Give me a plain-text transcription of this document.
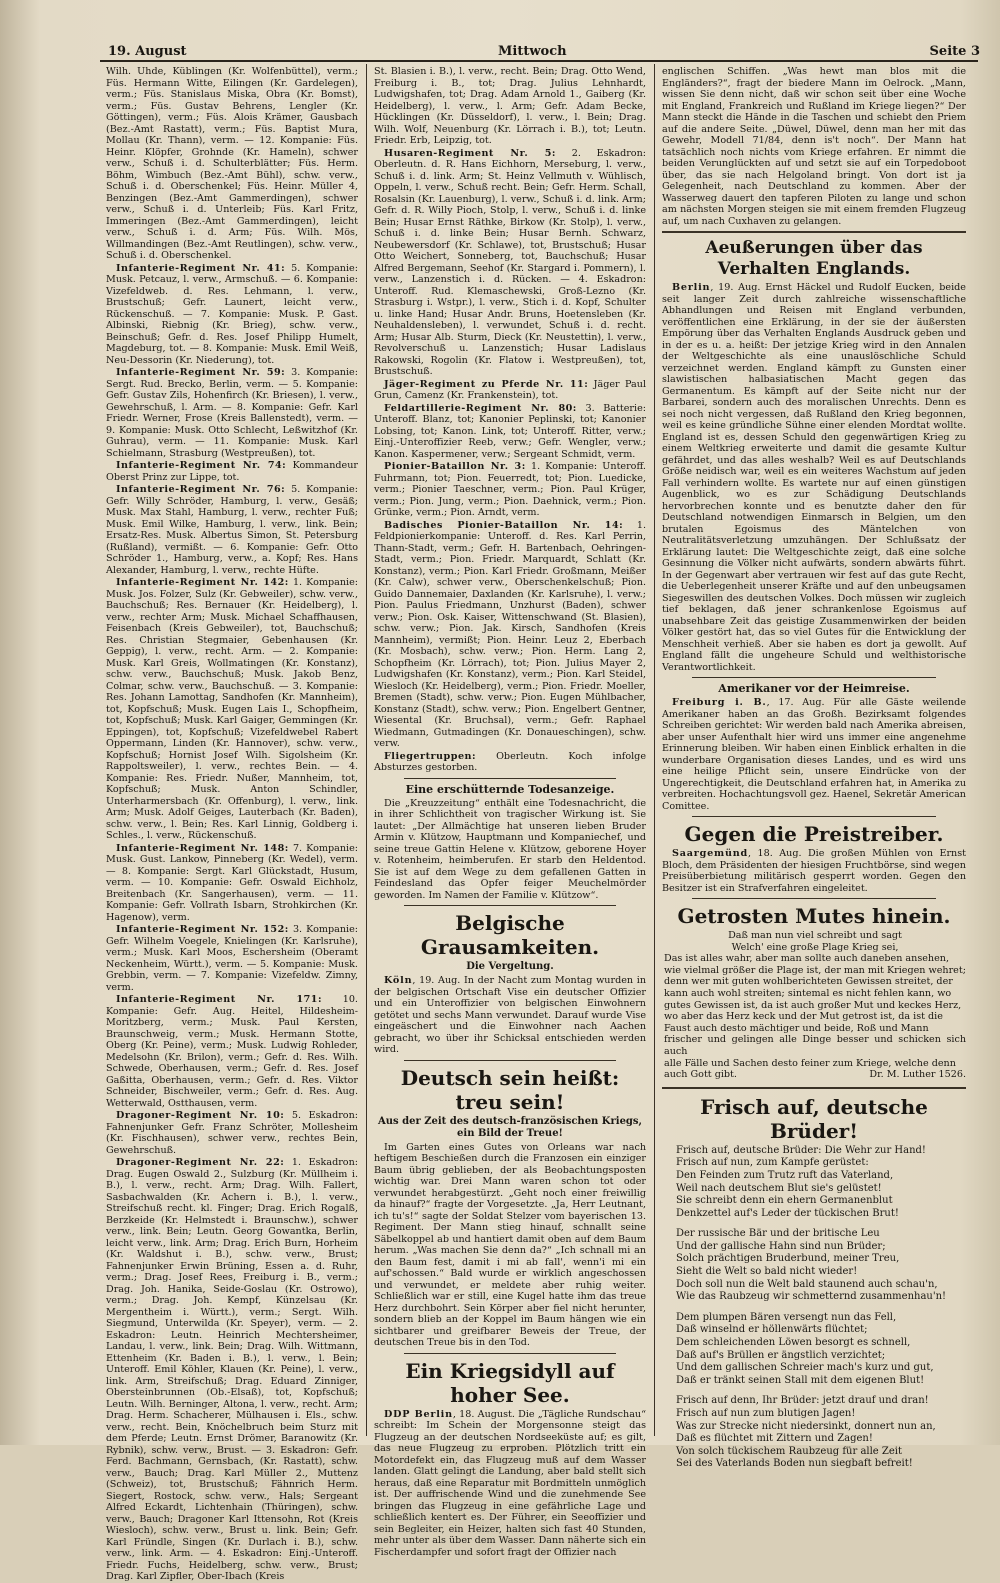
19. August	Mittwoch	Seite 3

Wilh. Uhde, Küblingen (Kr. Wolfenbüttel), verm.; Füs. Hermann Witte, Eilingen (Kr. Gardelegen), verm.; Füs. Stanislaus Miska, Obra (Kr. Bomst), verm.; Füs. Gustav Behrens, Lengler (Kr. Göttingen), verm.; Füs. Alois Krämer, Gausbach (Bez.-Amt Rastatt), verm.; Füs. Baptist Mura, Mollau (Kr. Thann), verm. — 12. Kompanie: Füs. Heinr. Klöpfer, Grohnde (Kr. Hameln), schwer verw., Schuß i. d. Schulterblätter; Füs. Herm. Böhm, Wimbuch (Bez.-Amt Bühl), schw. verw., Schuß i. d. Oberschenkel; Füs. Heinr. Müller 4, Benzingen (Bez.-Amt Gammerdingen), schwer verw., Schuß i. d. Unterleib; Füs. Karl Fritz, Immeringen (Bez.-Amt Gammerdingen), leicht verw., Schuß i. d. Arm; Füs. Wilh. Mös, Willmandingen (Bez.-Amt Reutlingen), schw. verw., Schuß i. d. Oberschenkel.

Infanterie-Regiment Nr. 41: 5. Kompanie: Musk. Petcauz, l. verw., Armschuß. — 6. Kompanie: Vizefeldweb. d. Res. Lehmann, l. verw., Brustschuß; Gefr. Launert, leicht verw., Rückenschuß. — 7. Kompanie: Musk. P. Gast. Albinski, Riebnig (Kr. Brieg), schw. verw., Beinschuß; Gefr. d. Res. Josef Philipp Humelt, Magdeburg, tot. — 8. Kompanie: Musk. Emil Weiß, Neu-Dessorin (Kr. Niederung), tot.

Infanterie-Regiment Nr. 59: 3. Kompanie: Sergt. Rud. Brecko, Berlin, verm. — 5. Kompanie: Gefr. Gustav Zils, Hohenfirch (Kr. Briesen), l. verw., Gewehrschuß, l. Arm. — 8. Kompanie: Gefr. Karl Friedr. Werner, Frose (Kreis Ballenstedt), verm. — 9. Kompanie: Musk. Otto Schlecht, Leßwitzhof (Kr. Guhrau), verm. — 11. Kompanie: Musk. Karl Schielmann, Strasburg (Westpreußen), tot.

Infanterie-Regiment Nr. 74: Kommandeur Oberst Prinz zur Lippe, tot.

Infanterie-Regiment Nr. 76: 5. Kompanie: Gefr. Willy Schröder, Hamburg, l. verw., Gesäß; Musk. Max Stahl, Hamburg, l. verw., rechter Fuß; Musk. Emil Wilke, Hamburg, l. verw., link. Bein; Ersatz-Res. Musk. Albertus Simon, St. Petersburg (Rußland), vermißt. — 6. Kompanie: Gefr. Otto Schröder 1., Hamburg, verw., a. Kopf; Res. Hans Alexander, Hamburg, l. verw., rechte Hüfte.

Infanterie-Regiment Nr. 142: 1. Kompanie: Musk. Jos. Folzer, Sulz (Kr. Gebweiler), schw. verw., Bauchschuß; Res. Bernauer (Kr. Heidelberg), l. verw., rechter Arm; Musk. Michael Schaffhausen, Feisenbach (Kreis Gebweiler), tot, Bauchschuß; Res. Christian Stegmaier, Gebenhausen (Kr. Geppig), l. verw., recht. Arm. — 2. Kompanie: Musk. Karl Greis, Wollmatingen (Kr. Konstanz), schw. verw., Bauchschuß; Musk. Jakob Benz, Colmar, schw. verw., Bauchschuß. — 3. Kompanie: Res. Johann Lamottag, Sandhofen (Kr. Mannheim), tot, Kopfschuß; Musk. Eugen Lais I., Schopfheim, tot, Kopfschuß; Musk. Karl Gaiger, Gemmingen (Kr. Eppingen), tot, Kopfschuß; Vizefeldwebel Rabert Oppermann, Linden (Kr. Hannover), schw. verw., Kopfschuß; Hornist Josef Wilh. Sigolsheim (Kr. Rappoltsweiler), l. verw., rechtes Bein. — 4. Kompanie: Res. Friedr. Nußer, Mannheim, tot, Kopfschuß; Musk. Anton Schindler, Unterharmersbach (Kr. Offenburg), l. verw., link. Arm; Musk. Adolf Geiges, Lauterbach (Kr. Baden), schw. verw., l. Bein; Res. Karl Linnig, Goldberg i. Schles., l. verw., Rückenschuß.

Infanterie-Regiment Nr. 148: 7. Kompanie: Musk. Gust. Lankow, Pinneberg (Kr. Wedel), verm. — 8. Kompanie: Sergt. Karl Glückstadt, Husum, verm. — 10. Kompanie: Gefr. Oswald Eichholz, Breitenbach (Kr. Sangerhausen), verm. — 11. Kompanie: Gefr. Vollrath Isbarn, Strohkirchen (Kr. Hagenow), verm.

Infanterie-Regiment Nr. 152: 3. Kompanie: Gefr. Wilhelm Voegele, Knielingen (Kr. Karlsruhe), verm.; Musk. Karl Moos, Eschersheim (Oberamt Neckenheim, Württ.), verm. — 5. Kompanie: Musk. Grebbin, verm. — 7. Kompanie: Vizefeldw. Zimny, verm.

Infanterie-Regiment Nr. 171: 10. Kompanie: Gefr. Aug. Heitel, Hildesheim-Moritzberg, verm.; Musk. Paul Kersten, Braunschweig, verm.; Musk. Hermann Stotte, Oberg (Kr. Peine), verm.; Musk. Ludwig Rohleder, Medelsohn (Kr. Brilon), verm.; Gefr. d. Res. Wilh. Schwede, Oberhausen, verm.; Gefr. d. Res. Josef Gaßitta, Oberhausen, verm.; Gefr. d. Res. Viktor Schneider, Bischweiler, verm.; Gefr. d. Res. Aug. Wetterwald, Ostthausen, verm.

Dragoner-Regiment Nr. 10: 5. Eskadron: Fahnenjunker Gefr. Franz Schröter, Mollesheim (Kr. Fischhausen), schwer verw., rechtes Bein, Gewehrschuß.

Dragoner-Regiment Nr. 22: 1. Eskadron: Drag. Eugen Oswald 2., Sulzburg (Kr. Müllheim i. B.), l. verw., recht. Arm; Drag. Wilh. Fallert, Sasbachwalden (Kr. Achern i. B.), l. verw., Streifschuß recht. kl. Finger; Drag. Erich Rogalß, Berzkeide (Kr. Helmstedt i. Braunschw.), schwer verw., link. Bein; Leutn. Georg Gowantka, Berlin, leicht verw., link. Arm; Drag. Erich Burn, Horheim (Kr. Waldshut i. B.), schw. verw., Brust; Fahnenjunker Erwin Brüning, Essen a. d. Ruhr, verm.; Drag. Josef Rees, Freiburg i. B., verm.; Drag. Joh. Hanika, Seide-Goslau (Kr. Ostrowo), verm.; Drag. Joh. Kempf, Künzelsau (Kr. Mergentheim i. Württ.), verm.; Sergt. Wilh. Siegmund, Unterwilda (Kr. Speyer), verm. — 2. Eskadron: Leutn. Heinrich Mechtersheimer, Landau, l. verw., link. Bein; Drag. Wilh. Wittmann, Ettenheim (Kr. Baden i. B.), l. verw., l. Bein; Unteroff. Emil Köhler, Klauen (Kr. Peine), l. verw., link. Arm, Streifschuß; Drag. Eduard Zinniger, Obersteinbrunnen (Ob.-Elsaß), tot, Kopfschuß; Leutn. Wilh. Berninger, Altona, l. verw., recht. Arm; Drag. Herm. Schacherer, Mülhausen i. Els., schw. verw., recht. Bein, Knöchelbruch beim Sturz mit dem Pferde; Leutn. Ernst Drömer, Baranowitz (Kr. Rybnik), schw. verw., Brust. — 3. Eskadron: Gefr. Ferd. Bachmann, Gernsbach, (Kr. Rastatt), schw. verw., Bauch; Drag. Karl Müller 2., Muttenz (Schweiz), tot, Brustschuß; Fähnrich Herm. Siegert, Rostock, schw. verw., Hals; Sergeant Alfred Eckardt, Lichtenhain (Thüringen), schw. verw., Bauch; Dragoner Karl Ittensohn, Rot (Kreis Wiesloch), schw. verw., Brust u. link. Bein; Gefr. Karl Fründle, Singen (Kr. Durlach i. B.), schw. verw., link. Arm. — 4. Eskadron: Einj.-Unteroff. Friedr. Fuchs, Heidelberg, schw. verw., Brust; Drag. Karl Zipfler, Ober-Ibach (Kreis

St. Blasien i. B.), l. verw., recht. Bein; Drag. Otto Wend, Freiburg i. B., tot; Drag. Julius Lehnhardt, Ludwigshafen, tot; Drag. Adam Arnold 1., Gaiberg (Kr. Heidelberg), l. verw., l. Arm; Gefr. Adam Becke, Hücklingen (Kr. Düsseldorf), l. verw., l. Bein; Drag. Wilh. Wolf, Neuenburg (Kr. Lörrach i. B.), tot; Leutn. Friedr. Erb, Leipzig, tot.

Husaren-Regiment Nr. 5: 2. Eskadron: Oberleutn. d. R. Hans Eichhorn, Merseburg, l. verw., Schuß i. d. link. Arm; St. Heinz Vellmuth v. Wühlisch, Oppeln, l. verw., Schuß recht. Bein; Gefr. Herm. Schall, Rosalsin (Kr. Lauenburg), l. verw., Schuß i. d. link. Arm; Gefr. d. R. Willy Pioch, Stolp, l. verw., Schuß i. d. linke Bein; Husar Ernst Räthke, Birkow (Kr. Stolp), l. verw., Schuß i. d. linke Bein; Husar Bernh. Schwarz, Neubewersdorf (Kr. Schlawe), tot, Brustschuß; Husar Otto Weichert, Sonneberg, tot, Bauchschuß; Husar Alfred Bergemann, Seehof (Kr. Stargard i. Pommern), l. verw., Lanzenstich i. d. Rücken. — 4. Eskadron: Unteroff. Rud. Klemaschewski, Groß-Lezno (Kr. Strasburg i. Wstpr.), l. verw., Stich i. d. Kopf, Schulter u. linke Hand; Husar Andr. Bruns, Hoetensleben (Kr. Neuhaldensleben), l. verwundet, Schuß i. d. recht. Arm; Husar Alb. Sturm, Dieck (Kr. Neustettin), l. verw., Revolverschuß u. Lanzenstich; Husar Ladislaus Rakowski, Rogolin (Kr. Flatow i. Westpreußen), tot, Brustschuß.

Jäger-Regiment zu Pferde Nr. 11: Jäger Paul Grun, Camenz (Kr. Frankenstein), tot.

Feldartillerie-Regiment Nr. 80: 3. Batterie: Unteroff. Blanz, tot; Kanonier Peplinski, tot; Kanonier Lobsing, tot; Kanon. Link, tot; Unteroff. Ritter, verw.; Einj.-Unteroffizier Reeb, verw.; Gefr. Wengler, verw.; Kanon. Kaspermener, verw.; Sergeant Schmidt, verm.

Pionier-Bataillon Nr. 3: 1. Kompanie: Unteroff. Fuhrmann, tot; Pion. Feuerredt, tot; Pion. Luedicke, verm.; Pionier Taeschner, verm.; Pion. Paul Krüger, verm.; Pion. Jung, verm.; Pion. Daehnick, verm.; Pion. Grünke, verm.; Pion. Arndt, verm.

Badisches Pionier-Bataillon Nr. 14: 1. Feldpionierkompanie: Unteroff. d. Res. Karl Perrin, Thann-Stadt, verm.; Gefr. H. Bartenbach, Oehringen-Stadt, verm.; Pion. Friedr. Marquardt, Schlatt (Kr. Konstanz), verm.; Pion. Karl Friedr. Großmann, Meißer (Kr. Calw), schwer verw., Oberschenkelschuß; Pion. Guido Dannemaier, Daxlanden (Kr. Karlsruhe), l. verw.; Pion. Paulus Friedmann, Unzhurst (Baden), schwer verw.; Pion. Osk. Kaiser, Wittenschwand (St. Blasien), schw. verw.; Pion. Jak. Kirsch, Sandhofen (Kreis Mannheim), vermißt; Pion. Heinr. Leuz 2, Eberbach (Kr. Mosbach), schw. verw.; Pion. Herm. Lang 2, Schopfheim (Kr. Lörrach), tot; Pion. Julius Mayer 2, Ludwigshafen (Kr. Konstanz), verm.; Pion. Karl Steidel, Wiesloch (Kr. Heidelberg), verm.; Pion. Friedr. Moeller, Bremen (Stadt), schw. verw.; Pion. Eugen Mühlbacher, Konstanz (Stadt), schw. verw.; Pion. Engelbert Gentner, Wiesental (Kr. Bruchsal), verm.; Gefr. Raphael Wiedmann, Gutmadingen (Kr. Donaueschingen), schw. verw.

Fliegertruppen: Oberleutn. Koch infolge Absturzes gestorben.

Eine erschütternde Todesanzeige.

Die „Kreuzzeitung“ enthält eine Todesnachricht, die in ihrer Schlichtheit von tragischer Wirkung ist. Sie lautet: „Der Allmächtige hat unseren lieben Bruder Armin v. Klützow, Hauptmann und Kompaniechef, und seine treue Gattin Helene v. Klützow, geborene Hoyer v. Rotenheim, heimberufen. Er starb den Heldentod. Sie ist auf dem Wege zu dem gefallenen Gatten in Feindesland das Opfer feiger Meuchelmörder geworden. Im Namen der Familie v. Klützow“.

Belgische Grausamkeiten.
Die Vergeltung.

Köln, 19. Aug. In der Nacht zum Montag wurden in der belgischen Ortschaft Vise ein deutscher Offizier und ein Unteroffizier von belgischen Einwohnern getötet und sechs Mann verwundet. Darauf wurde Vise eingeäschert und die Einwohner nach Aachen gebracht, wo über ihr Schicksal entschieden werden wird.

Deutsch sein heißt: treu sein!
Aus der Zeit des deutsch-französischen Kriegs, ein Bild der Treue!

Im Garten eines Gutes von Orleans war nach heftigem Beschießen durch die Franzosen ein einziger Baum übrig geblieben, der als Beobachtungsposten wichtig war. Drei Mann waren schon tot oder verwundet herabgestürzt. „Geht noch einer freiwillig da hinauf?“ fragte der Vorgesetzte. „Ja, Herr Leutnant, ich tu's!“ sagte der Soldat Stelzer vom bayerischen 13. Regiment. Der Mann stieg hinauf, schnallt seine Säbelkoppel ab und hantiert damit oben auf dem Baum herum. „Was machen Sie denn da?“ „Ich schnall mi an den Baum fest, damit i mi ab fall', wenn'i mi ein auf'schossen.“ Bald wurde er wirklich angeschossen und verwundet, er meldete aber ruhig weiter. Schließlich war er still, eine Kugel hatte ihm das treue Herz durchbohrt. Sein Körper aber fiel nicht herunter, sondern blieb an der Koppel im Baum hängen wie ein sichtbarer und greifbarer Beweis der Treue, der deutschen Treue bis in den Tod.

Ein Kriegsidyll auf hoher See.

DDP Berlin, 18. August. Die „Tägliche Rundschau“ schreibt: Im Schein der Morgensonne steigt das Flugzeug an der deutschen Nordseeküste auf; es gilt, das neue Flugzeug zu erproben. Plötzlich tritt ein Motordefekt ein, das Flugzeug muß auf dem Wasser landen. Glatt gelingt die Landung, aber bald stellt sich heraus, daß eine Reparatur mit Bordmitteln unmöglich ist. Der auffrischende Wind und die zunehmende See bringen das Flugzeug in eine gefährliche Lage und schließlich kentert es. Der Führer, ein Seeoffizier und sein Begleiter, ein Heizer, halten sich fast 40 Stunden, mehr unter als über dem Wasser. Dann näherte sich ein Fischerdampfer und sofort fragt der Offizier nach

englischen Schiffen. „Was hewt man blos mit die Engländers?“, fragt der biedere Mann im Oelrock. „Mann, wissen Sie denn nicht, daß wir schon seit über eine Woche mit England, Frankreich und Rußland im Kriege liegen?“ Der Mann steckt die Hände in die Taschen und schiebt den Priem auf die andere Seite. „Düwel, Düwel, denn man her mit das Gewehr, Modell 71/84, denn is't noch“. Der Mann hat tatsächlich noch nichts vom Kriege erfahren. Er nimmt die beiden Verunglückten auf und setzt sie auf ein Torpedoboot über, das sie nach Helgoland bringt. Von dort ist ja Gelegenheit, nach Deutschland zu kommen. Aber der Wasserweg dauert den tapferen Piloten zu lange und schon am nächsten Morgen steigen sie mit einem fremden Flugzeug auf, um nach Cuxhaven zu gelangen.

Aeußerungen über das Verhalten Englands.

Berlin, 19. Aug. Ernst Häckel und Rudolf Eucken, beide seit langer Zeit durch zahlreiche wissenschaftliche Abhandlungen und Reisen mit England verbunden, veröffentlichen eine Erklärung, in der sie der äußersten Empörung über das Verhalten Englands Ausdruck geben und in der es u. a. heißt: Der jetzige Krieg wird in den Annalen der Weltgeschichte als eine unauslöschliche Schuld verzeichnet werden. England kämpft zu Gunsten einer slawistischen halbasiatischen Macht gegen das Germanentum. Es kämpft auf der Seite nicht nur der Barbarei, sondern auch des moralischen Unrechts. Denn es sei noch nicht vergessen, daß Rußland den Krieg begonnen, weil es keine gründliche Sühne einer elenden Mordtat wollte. England ist es, dessen Schuld den gegenwärtigen Krieg zu einem Weltkrieg erweiterte und damit die gesamte Kultur gefährdet, und das alles weshalb? Weil es auf Deutschlands Größe neidisch war, weil es ein weiteres Wachstum auf jeden Fall verhindern wollte. Es wartete nur auf einen günstigen Augenblick, wo es zur Schädigung Deutschlands hervorbrechen konnte und es benutzte daher den für Deutschland notwendigen Einmarsch in Belgien, um den brutalen Egoismus des Mäntelchen von Neutralitätsverletzung umzuhängen. Der Schlußsatz der Erklärung lautet: Die Weltgeschichte zeigt, daß eine solche Gesinnung die Völker nicht aufwärts, sondern abwärts führt. In der Gegenwart aber vertrauen wir fest auf das gute Recht, die Ueberlegenheit unserer Kräfte und auf den unbeugsamen Siegeswillen des deutschen Volkes. Doch müssen wir zugleich tief beklagen, daß jener schrankenlose Egoismus auf unabsehbare Zeit das geistige Zusammenwirken der beiden Völker gestört hat, das so viel Gutes für die Entwicklung der Menschheit verhieß. Aber sie haben es dort ja gewollt. Auf England fällt die ungeheure Schuld und welthistorische Verantwortlichkeit.

Amerikaner vor der Heimreise.

Freiburg i. B., 17. Aug. Für alle Gäste weilende Amerikaner haben an das Großh. Bezirksamt folgendes Schreiben gerichtet: Wir werden bald nach Amerika abreisen, aber unser Aufenthalt hier wird uns immer eine angenehme Erinnerung bleiben. Wir haben einen Einblick erhalten in die wunderbare Organisation dieses Landes, und es wird uns eine heilige Pflicht sein, unsere Eindrücke von der Ungerechtigkeit, die Deutschland erfahren hat, in Amerika zu verbreiten. Hochachtungsvoll gez. Haenel, Sekretär American Comittee.

Gegen die Preistreiber.

Saargemünd, 18. Aug. Die großen Mühlen von Ernst Bloch, dem Präsidenten der hiesigen Fruchtbörse, sind wegen Preisüberbietung militärisch gesperrt worden. Gegen den Besitzer ist ein Strafverfahren eingeleitet.

Getrosten Mutes hinein.
Daß man nun viel schreibt und sagt
Welch' eine große Plage Krieg sei,
Das ist alles wahr, aber man sollte auch daneben ansehen,
wie vielmal größer die Plage ist, der man mit Kriegen wehret;
denn wer mit guten wohlberichteten Gewissen streitet, der
kann auch wohl streiten; sintemal es nicht fehlen kann, wo
gutes Gewissen ist, da ist auch großer Mut und keckes Herz,
wo aber das Herz keck und der Mut getrost ist, da ist die
Faust auch desto mächtiger und beide, Roß und Mann
frischer und gelingen alle Dinge besser und schicken sich auch
alle Fälle und Sachen desto feiner zum Kriege, welche denn
auch Gott gibt.	Dr. M. Luther 1526.
Frisch auf, deutsche Brüder!
Frisch auf, deutsche Brüder: Die Wehr zur Hand!
Frisch auf nun, zum Kampfe gerüstet:
Den Feinden zum Trutz ruft das Vaterland,
Weil nach deutschem Blut sie's gelüstet!
Sie schreibt denn ein ehern Germanenblut
Denkzettel auf's Leder der tückischen Brut!
Der russische Bär und der britische Leu
Und der gallische Hahn sind nun Brüder;
Solch prächtigen Bruderbund, meiner Treu,
Sieht die Welt so bald nicht wieder!
Doch soll nun die Welt bald staunend auch schau'n,
Wie das Raubzeug wir schmetternd zusammenhau'n!
Dem plumpen Bären versengt nun das Fell,
Daß winselnd er höllenwärts flüchtet;
Dem schleichenden Löwen besorgt es schnell,
Daß auf's Brüllen er ängstlich verzichtet;
Und dem gallischen Schreier mach's kurz und gut,
Daß er tränkt seinen Stall mit dem eigenen Blut!
Frisch auf denn, Ihr Brüder: jetzt drauf und dran!
Frisch auf nun zum blutigen Jagen!
Was zur Strecke nicht niedersinkt, donnert nun an,
Daß es flüchtet mit Zittern und Zagen!
Von solch tückischem Raubzeug für alle Zeit
Sei des Vaterlands Boden nun siegbaft befreit!
